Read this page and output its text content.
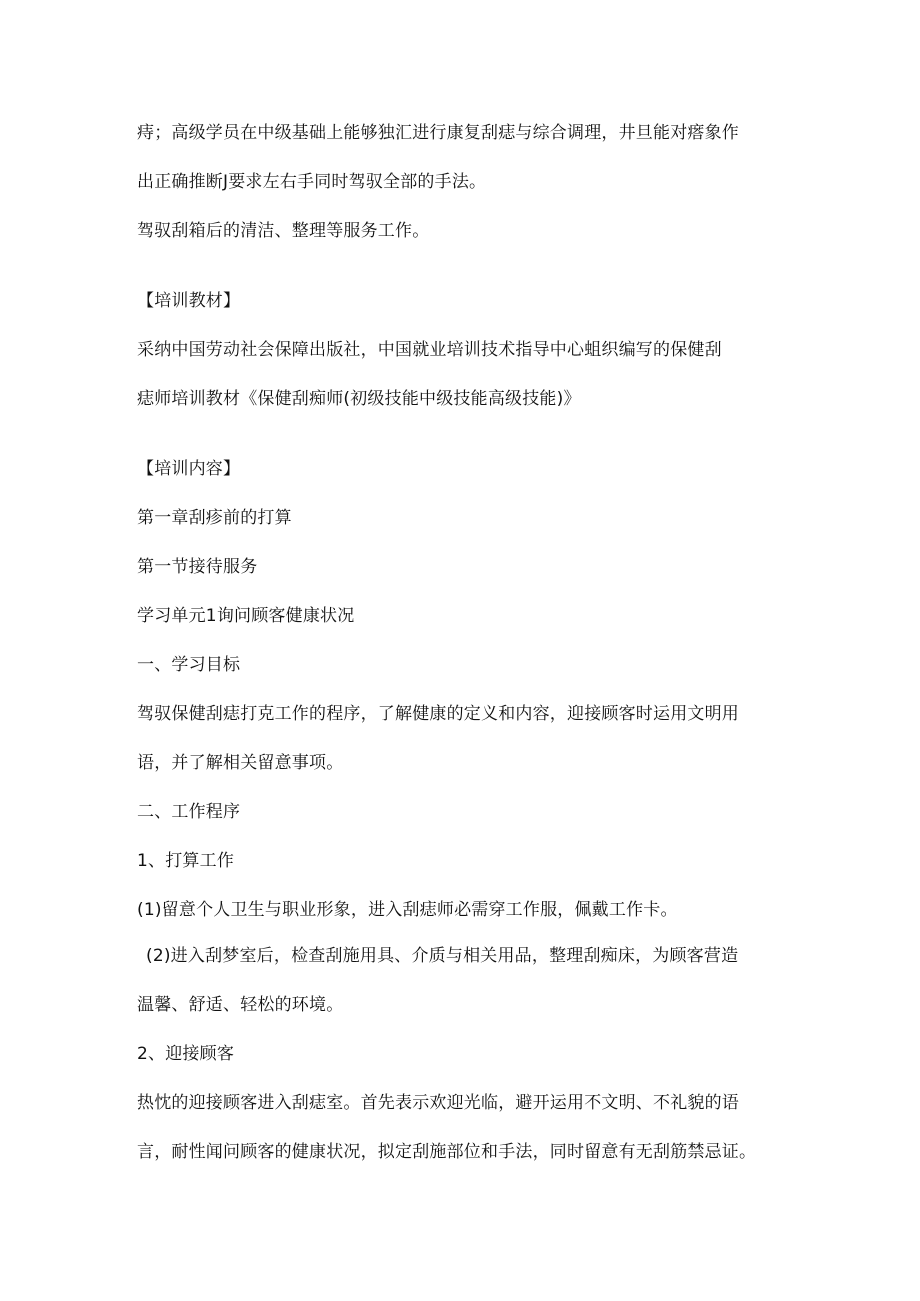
痔；高级学员在中级基础上能够独汇进行康复刮痣与综合调理，井旦能对瘩象作
出正确推断J要求左右手同时驾驭全部的手法。
驾驭刮箱后的清洁、整理等服务工作。
【培训教材】
采纳中国劳动社会保障出版社，中国就业培训技术指导中心蛆织编写的保健刮
痣师培训教材《保健刮痴师(初级技能中级技能高级技能)》
【培训内容】
第一章刮疹前的打算
第一节接待服务
学习单元1询问顾客健康状况
一、学习目标
驾驭保健刮痣打克工作的程序，了解健康的定义和内容，迎接顾客时运用文明用
语，并了解相关留意事项。
二、工作程序
1、打算工作
(1)留意个人卫生与职业形象，进入刮痣师必需穿工作服，佩戴工作卡。
(2)进入刮梦室后，检查刮施用具、介质与相关用品，整理刮痴床，为顾客营造
温馨、舒适、轻松的环境。
2、迎接顾客
热忱的迎接顾客进入刮痣室。首先表示欢迎光临，避开运用不文明、不礼貌的语
言，耐性闻问顾客的健康状况，拟定刮施部位和手法，同时留意有无刮筋禁忌证。
